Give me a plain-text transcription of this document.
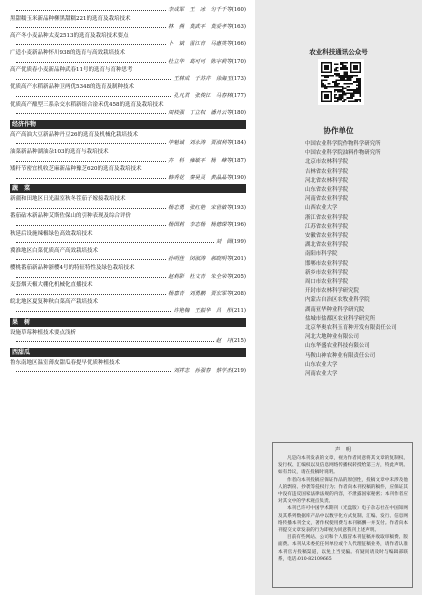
李成军　王　冰　匀千千等 (160)
黑甜糯玉米新品种柳黑甜糯221的选育及栽培技术
林　燕　莫武平　莫爱孝等 (163)
高产冬小麦品种太麦2513的选育及栽培技术要点
卜　斌　雷江育　马惠英等 (166)
广适小麦新品种怀川938的选育与高效栽培技术
杜立华　葛可可　陈宇莉等 (170)
高产优质春小麦新品种武春11号的选育与育种思考
王林成　于苏芹　徐海玉 (173)
优质高产水稻新品种卫两优5348的选育及制种技术
孔凡君　张俊江　马春林 (177)
优质高产酿型三系杂交水稻新组合淦禾优458的选育及栽培技术
周枝强　丁立权　潘月云等 (180)
经济作物
高产高油大豆新品种丹豆26的选育及机械化栽培技术
毕魁诚　刘永涛　贾淑利等 (184)
油菜新品种湖油杂103的选育与栽培技术
卉　科　雍敏平　杨　峰等 (187)
矮秆节密宜机收芝麻新品种豫芝620的选育及栽培技术
韩秀花　秦昊灵　黄晶晶等 (190)
蔬　菜
新疆和田地区日光温室秋冬茬茄子嫁接栽培技术
杨志勇　张红艳　宋世敏等 (193)
番茄砧木新品种艾斯佐保山的引种表现及综合评价
杨国莉　李志杨　杨德琛等 (196)
秋延后设施辣椒绿色高效栽培技术
刘　圆 (199)
冀淮地区白菜优质高产高效栽培技术
孙明佳　闵淑涛　郝晓明等 (201)
樱桃番茄新品种浙樱4号的特征特性及绿色栽培技术
赵莉影　杜文青　朱全荣等 (205)
麦套烟天椒大棚化机械化直播技术
杨嘉青　刘勇鹏　贾宏军等 (208)
皖北地区夏复种秋白菜高产栽培技术
许艳梅　王振华　吕　彤 (211)
果　树
设施草莓种植技术要点浅析
赵　丹 (215)
西甜瓜
鲁东南地区温室薄皮甜瓜春提早优质种植技术
刘祥志　孙强春　蔡学杰 (219)
农业科技通讯公众号
协作单位
中国农业科学院作物科学研究所
中国农业科学院油料作物研究所
北京市农林科学院
吉林省农业科学院
河北省农林科学院
山东省农业科学院
河南省农业科学院
山西农业大学
浙江省农业科学院
江苏省农业科学院
安徽省农业科学院
湖北省农业科学院
南阳市科学院
邯郸市农业科学院
新乡市农业科学院
周口市农业科学院
开封市农林科学研究院
内蒙古自治区农牧业科学院
湖南亚华种业科学研究院
盐城市盐都区农业科学研究所
北京华奥农科玉育种开发有限责任公司
河北大地种业有限公司
山东华盛农业科技有限公司
马鞍山神农种业有限责任公司
山东农业大学
河南农业大学
声　明

凡是向本刊发表的文章，视为作者同意将其文章的复制权、发行权、汇编权以及信息网络传播权转授给第三方，特此声明。如有异议，请在投稿时说明。

作者向本刊投稿应保证作品的原创性，投稿文章中未涉及他人的剽窃、抄袭等侵权行为；作者向本刊投稿的稿件，应保证其中没有违反国家法律法规的内容，不泄露国家秘密；本刊作者应对其文中的学术观点负责。

本刊已许可中国学术期刊（光盘版）电子杂志社在中国知网及其系列数据库产品中以数字化方式复制、汇编、发行、信息网络传播本刊全文，著作权使用费与本刊稿酬一并支付。作者向本刊提交文章发表的行为即视为同意我刊上述声明。

目前有些网站、公司和个人假冒本刊征稿并收取审稿费、版面费。本刊从未委托任何单位或个人代理征稿业务，请作者认准本刊官方投稿渠道，以免上当受骗。有疑问请及时与编辑部联系，电话:010-82109665
